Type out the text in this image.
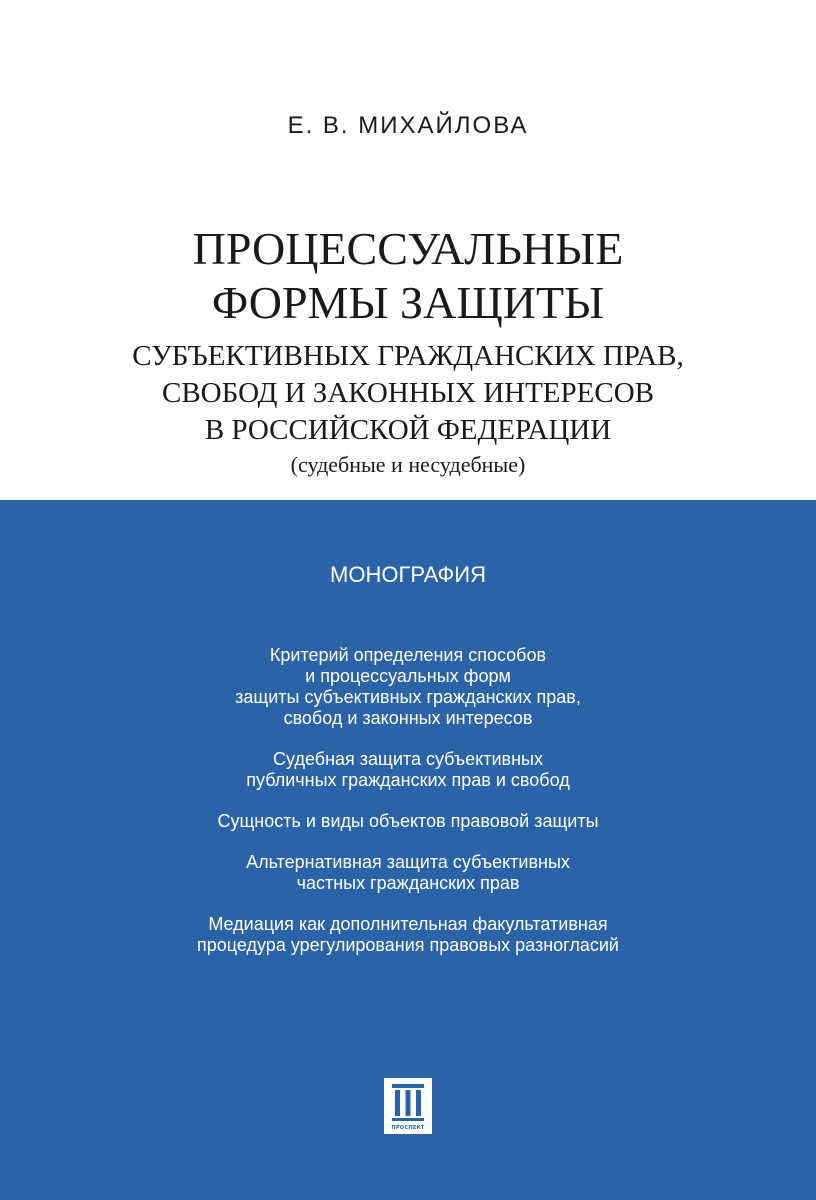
Е. В. МИХАЙЛОВА
ПРОЦЕССУАЛЬНЫЕ
ФОРМЫ ЗАЩИТЫ
СУБЪЕКТИВНЫХ ГРАЖДАНСКИХ ПРАВ,
СВОБОД И ЗАКОННЫХ ИНТЕРЕСОВ
В РОССИЙСКОЙ ФЕДЕРАЦИИ
(судебные и несудебные)
МОНОГРАФИЯ
Критерий определения способов
и процессуальных форм
защиты субъективных гражданских прав,
свобод и законных интересов
Судебная защита субъективных
публичных гражданских прав и свобод
Сущность и виды объектов правовой защиты
Альтернативная защита субъективных
частных гражданских прав
Медиация как дополнительная факультативная
процедура урегулирования правовых разногласий
ПРОСПЕКТ
